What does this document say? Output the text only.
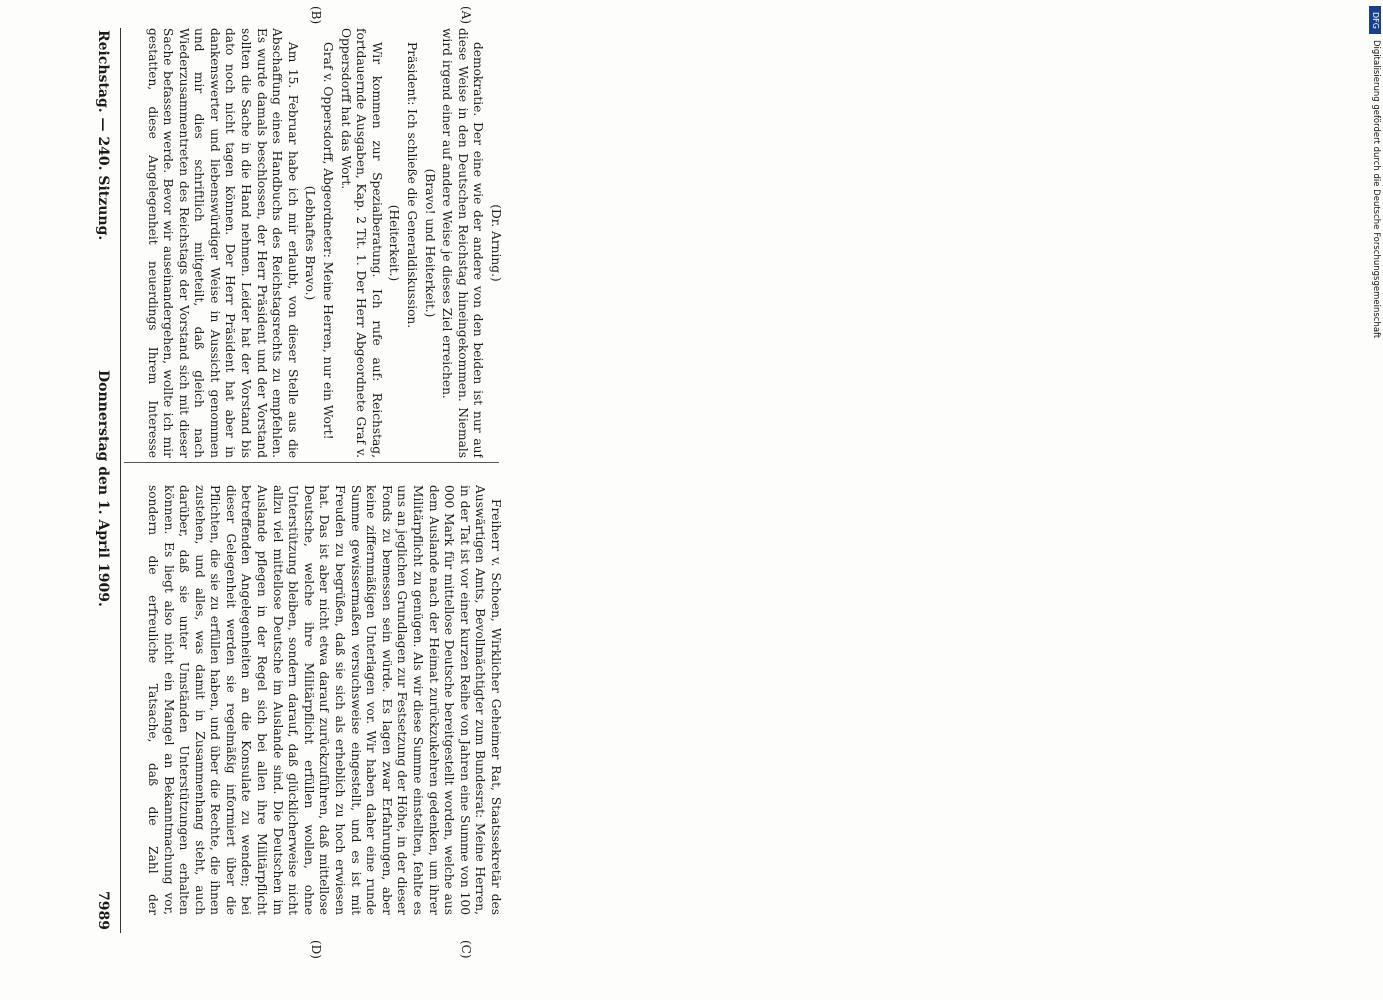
Reichstag. — 240. Sitzung.
Donnerstag den 1. April 1909.
7989
(A)
(B)
(C)
(D)

(Dr. Arning.)

demokratie. Der eine wie der andere von den beiden ist nur auf diese Weise in den Deutschen Reichstag hineingekommen. Niemals wird irgend einer auf andere Weise je dieses Ziel erreichen.

(Bravo! und Heiterkeit.)

Präsident: Ich schließe die Generaldiskussion.

(Heiterkeit.)

Wir kommen zur Spezialberatung. Ich rufe auf: Reichstag, fortdauernde Ausgaben, Kap. 2 Tit. 1. Der Herr Abgeordnete Graf v. Oppersdorff hat das Wort.

Graf v. Oppersdorff, Abgeordneter: Meine Herren, nur ein Wort!

(Lebhaftes Bravo.)

Am 15. Februar habe ich mir erlaubt, von dieser Stelle aus die Abschaffung eines Handbuchs des Reichstagsrechts zu empfehlen. Es wurde damals beschlossen, der Herr Präsident und der Vorstand sollten die Sache in die Hand nehmen. Leider hat der Vorstand bis dato noch nicht tagen können. Der Herr Präsident hat aber in dankenswerter und liebenswürdiger Weise in Aussicht genommen und mir dies schriftlich mitgeteilt, daß gleich nach Wiederzusammentreten des Reichstags der Vorstand sich mit dieser Sache befassen werde. Bevor wir auseinandergehen, wollte ich mir gestatten, diese Angelegenheit neuerdings Ihrem Interesse

Freiherr v. Schoen, Wirklicher Geheimer Rat, Staatssekretär des Auswärtigen Amts, Bevollmächtigter zum Bundesrat: Meine Herren, in der Tat ist vor einer kurzen Reihe von Jahren eine Summe von 100 000 Mark für mittellose Deutsche bereitgestellt worden, welche aus dem Auslande nach der Heimat zurückzukehren gedenken, um ihrer Militärpflicht zu genügen. Als wir diese Summe einstellten, fehlte es uns an jeglichen Grundlagen zur Festsetzung der Höhe, in der dieser Fonds zu bemessen sein würde. Es lagen zwar Erfahrungen, aber keine ziffernmäßigen Unterlagen vor. Wir haben daher eine runde Summe gewissermaßen versuchsweise eingestellt, und es ist mit Freuden zu begrüßen, daß sie sich als erheblich zu hoch erwiesen hat. Das ist aber nicht etwa darauf zurückzuführen, daß mittellose Deutsche, welche ihre Militärpflicht erfüllen wollen, ohne Unterstützung bleiben, sondern darauf, daß glücklicherweise nicht allzu viel mittellose Deutsche im Auslande sind. Die Deutschen im Auslande pflegen in der Regel sich bei allen ihre Militärpflicht betreffenden Angelegenheiten an die Konsulate zu wenden; bei dieser Gelegenheit werden sie regelmäßig informiert über die Pflichten, die sie zu erfüllen haben, und über die Rechte, die ihnen zustehen, und alles, was damit in Zusammenhang steht, auch darüber, daß sie unter Umständen Unterstützungen erhalten können. Es liegt also nicht ein Mangel an Bekanntmachung vor, sondern die erfreuliche Tatsache, daß die Zahl der

DFG
Digitalisierung gefördert durch die Deutsche Forschungsgemeinschaft
